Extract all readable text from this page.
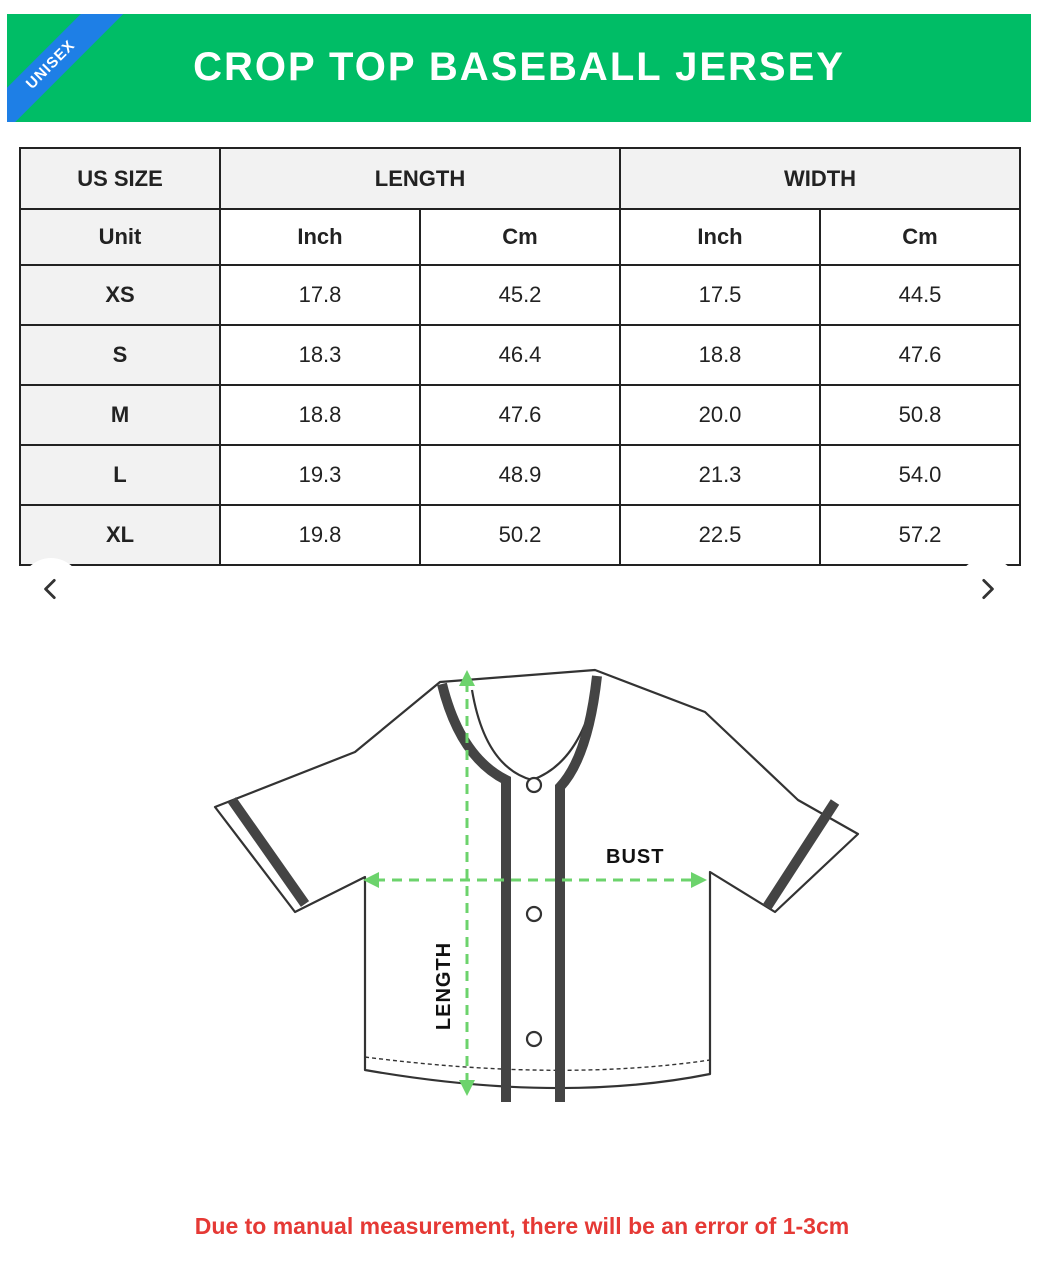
UNISEX	CROP TOP BASEBALL JERSEY
US SIZE	LENGTH		WIDTH	
Unit	Inch	Cm	Inch	Cm
XS	17.8	45.2	17.5	44.5
S	18.3	46.4	18.8	47.6
M	18.8	47.6	20.0	50.8
L	19.3	48.9	21.3	54.0
XL	19.8	50.2	22.5	57.2
BUST
LENGTH
Due to manual measurement, there will be an error of 1-3cm
